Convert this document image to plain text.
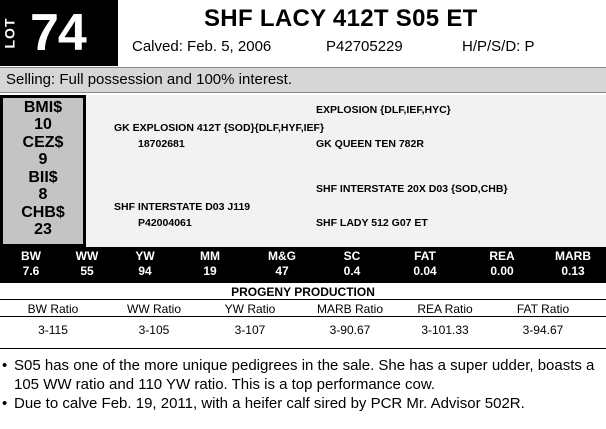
LOT 74	SHF LACY 412T S05 ET
Calved: Feb. 5, 2006	P42705229	H/P/S/D: P
Selling: Full possession and 100% interest.
BMI$
10
CEZ$
9
BII$
8
CHB$
23
EXPLOSION {DLF,IEF,HYC}
GK EXPLOSION 412T {SOD}{DLF,HYF,IEF}
18702681	GK QUEEN TEN 782R
SHF INTERSTATE 20X D03 {SOD,CHB}
SHF INTERSTATE D03 J119
P42004061	SHF LADY 512 G07 ET
BW
7.6
WW
55
YW
94
MM
19
M&G
47
SC
0.4
FAT
0.04
REA
0.00
MARB
0.13
PROGENY PRODUCTION
BW Ratio	WW Ratio	YW Ratio	MARB Ratio	REA Ratio	FAT Ratio
3-115	3-105	3-107	3-90.67	3-101.33	3-94.67
• S05 has one of the more unique pedigrees in the sale. She has a super udder, boasts a 105 WW ratio and 110 YW ratio. This is a top performance cow.
• Due to calve Feb. 19, 2011, with a heifer calf sired by PCR Mr. Advisor 502R.
